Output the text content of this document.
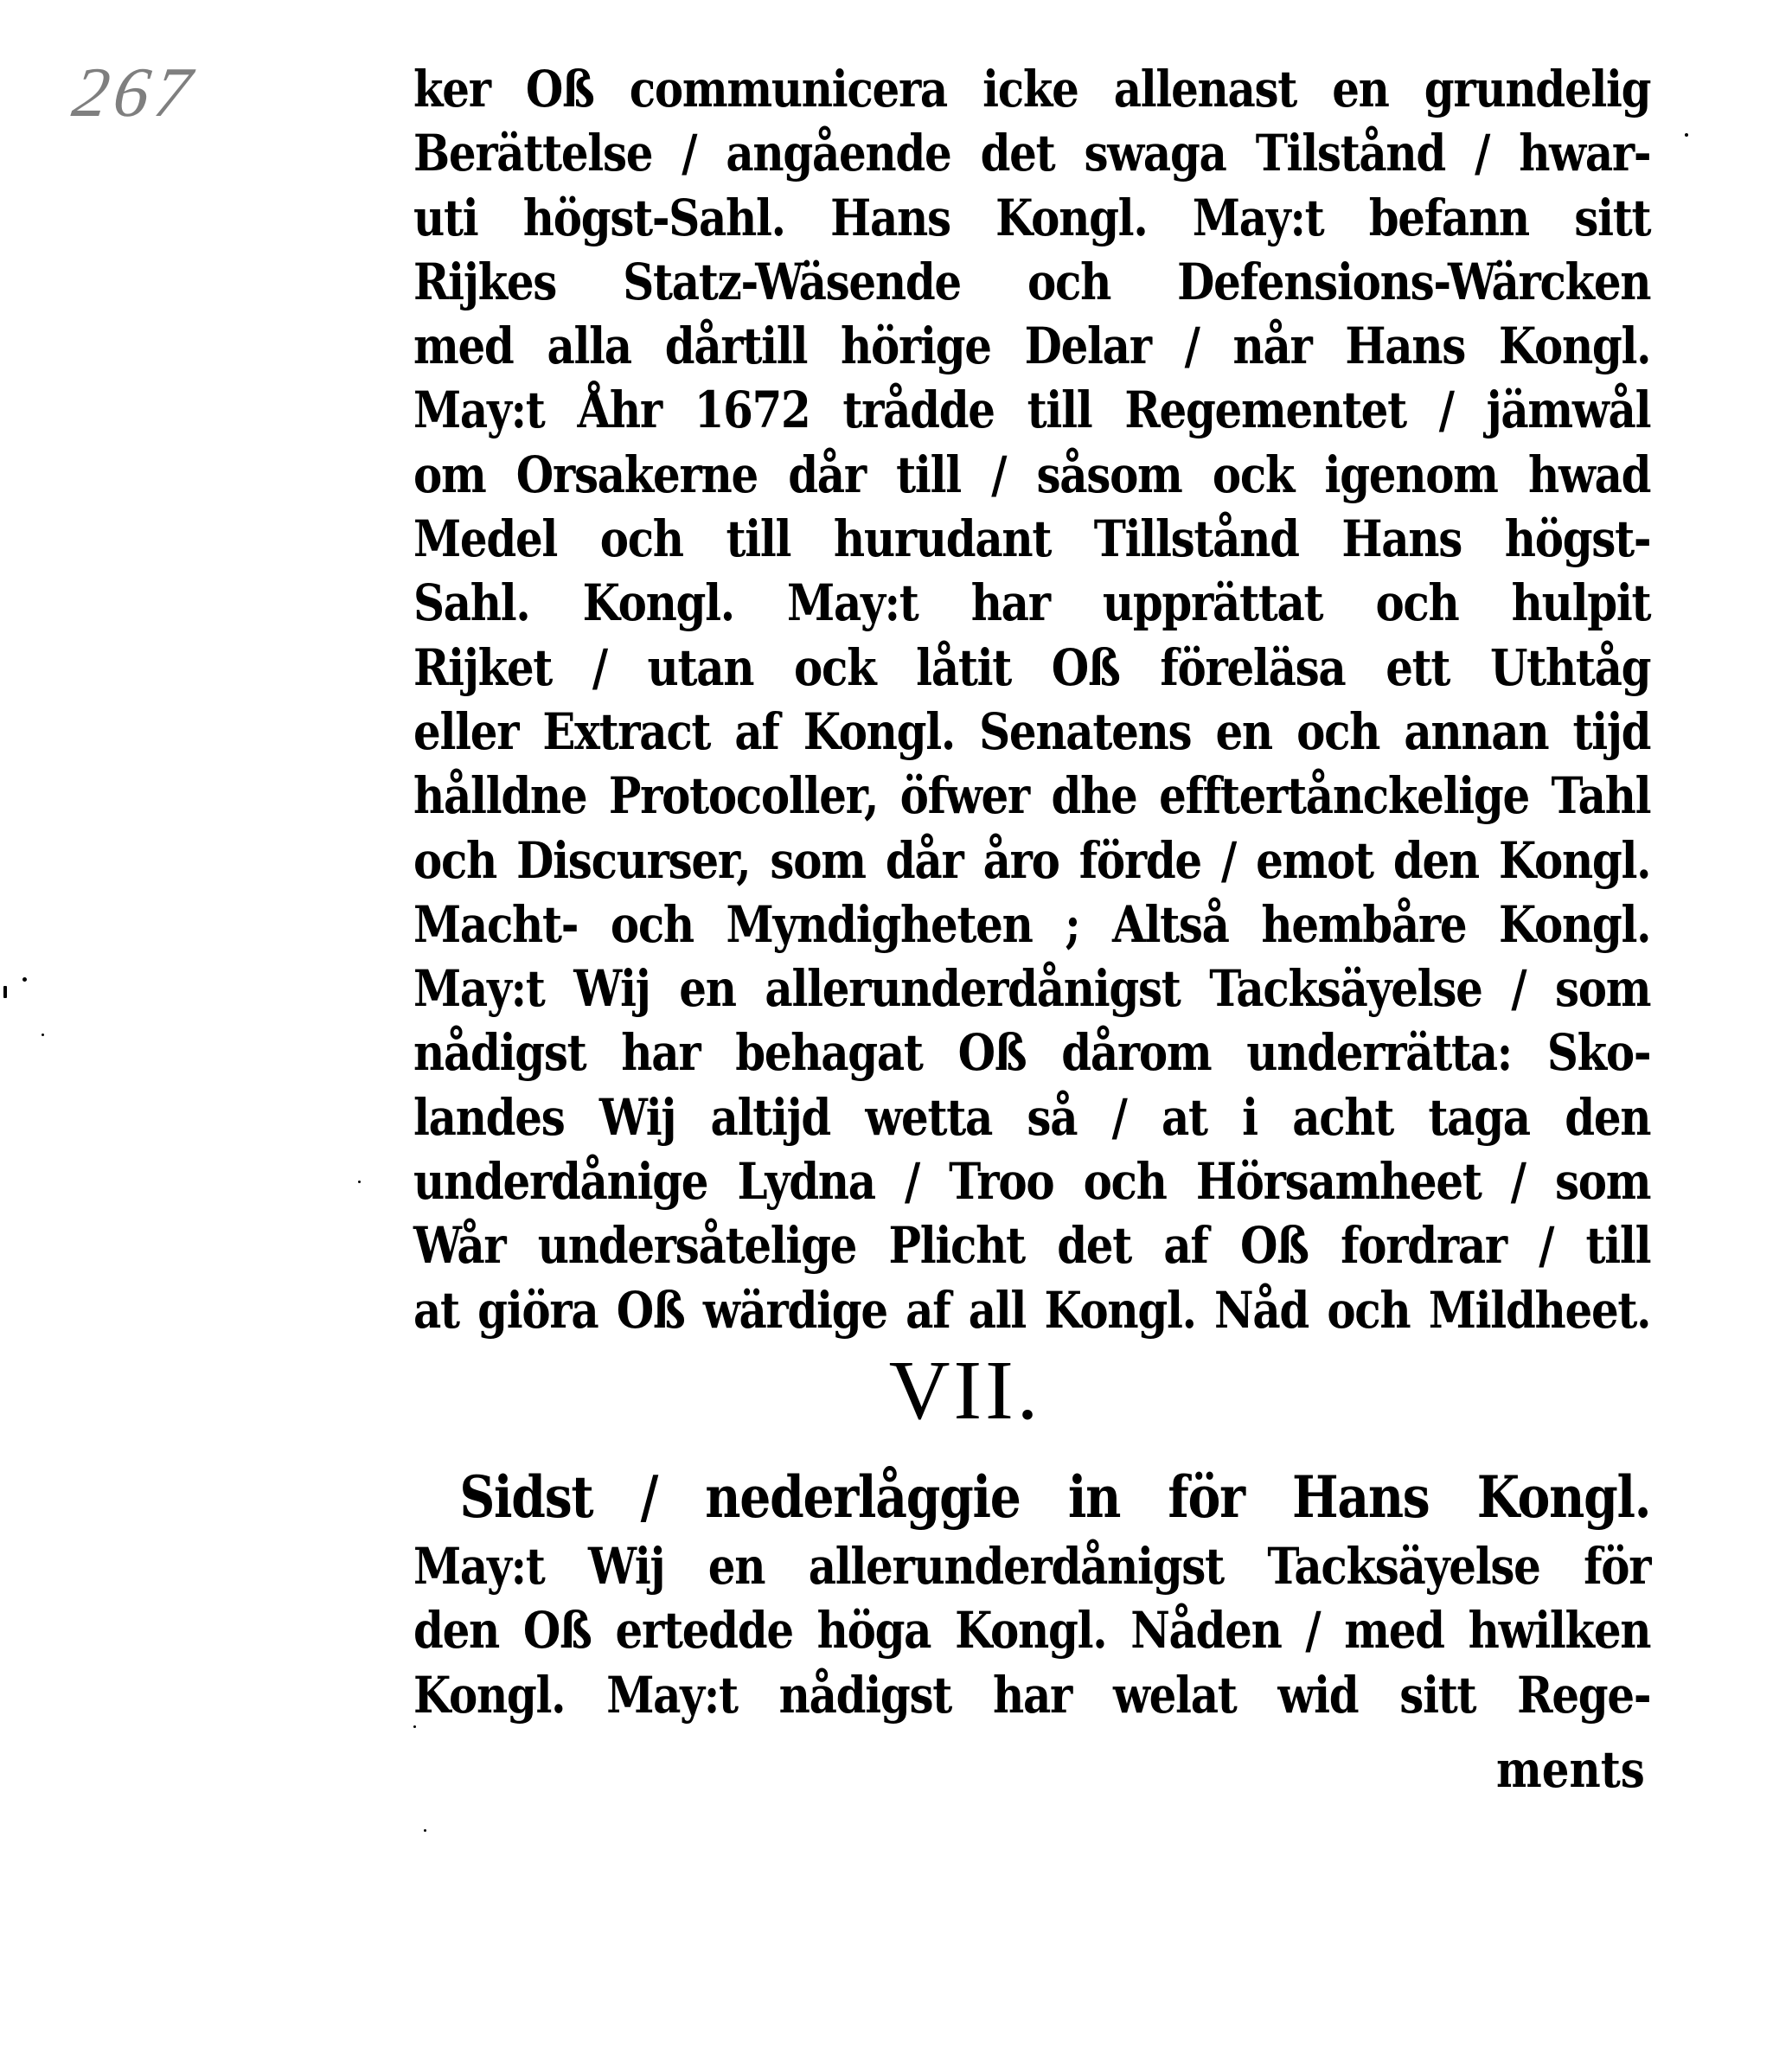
267	ker Oß communicera icke allenast en grundelig
Berättelse / angående det swaga Tilstånd / hwar-
uti högst-Sahl. Hans Kongl. May:t befann sitt
Rijkes Statz-Wäsende och Defensions-Wärcken
med alla dårtill hörige Delar / når Hans Kongl.
May:t Åhr 1672 trådde till Regementet / jämwål
om Orsakerne dår till / såsom ock igenom hwad
Medel och till hurudant Tillstånd Hans högst-
Sahl. Kongl. May:t har upprättat och hulpit
Rijket / utan ock låtit Oß föreläsa ett Uthtåg
eller Extract af Kongl. Senatens en och annan tijd
hålldne Protocoller, öfwer dhe efftertånckelige Tahl
och Discurser, som dår åro förde / emot den Kongl.
Macht- och Myndigheten ; Altså hembåre Kongl.
May:t Wij en allerunderdånigst Tacksäyelse / som
nådigst har behagat Oß dårom underrätta: Sko-
landes Wij altijd wetta så / at i acht taga den
underdånige Lydna / Troo och Hörsamheet / som
Wår undersåtelige Plicht det af Oß fordrar / till
at giöra Oß wärdige af all Kongl. Nåd och Mildheet.
VII.
Sidst / nederlåggie in för Hans Kongl.
May:t Wij en allerunderdånigst Tacksäyelse för
den Oß ertedde höga Kongl. Nåden / med hwilken
Kongl. May:t nådigst har welat wid sitt Rege-
ments
